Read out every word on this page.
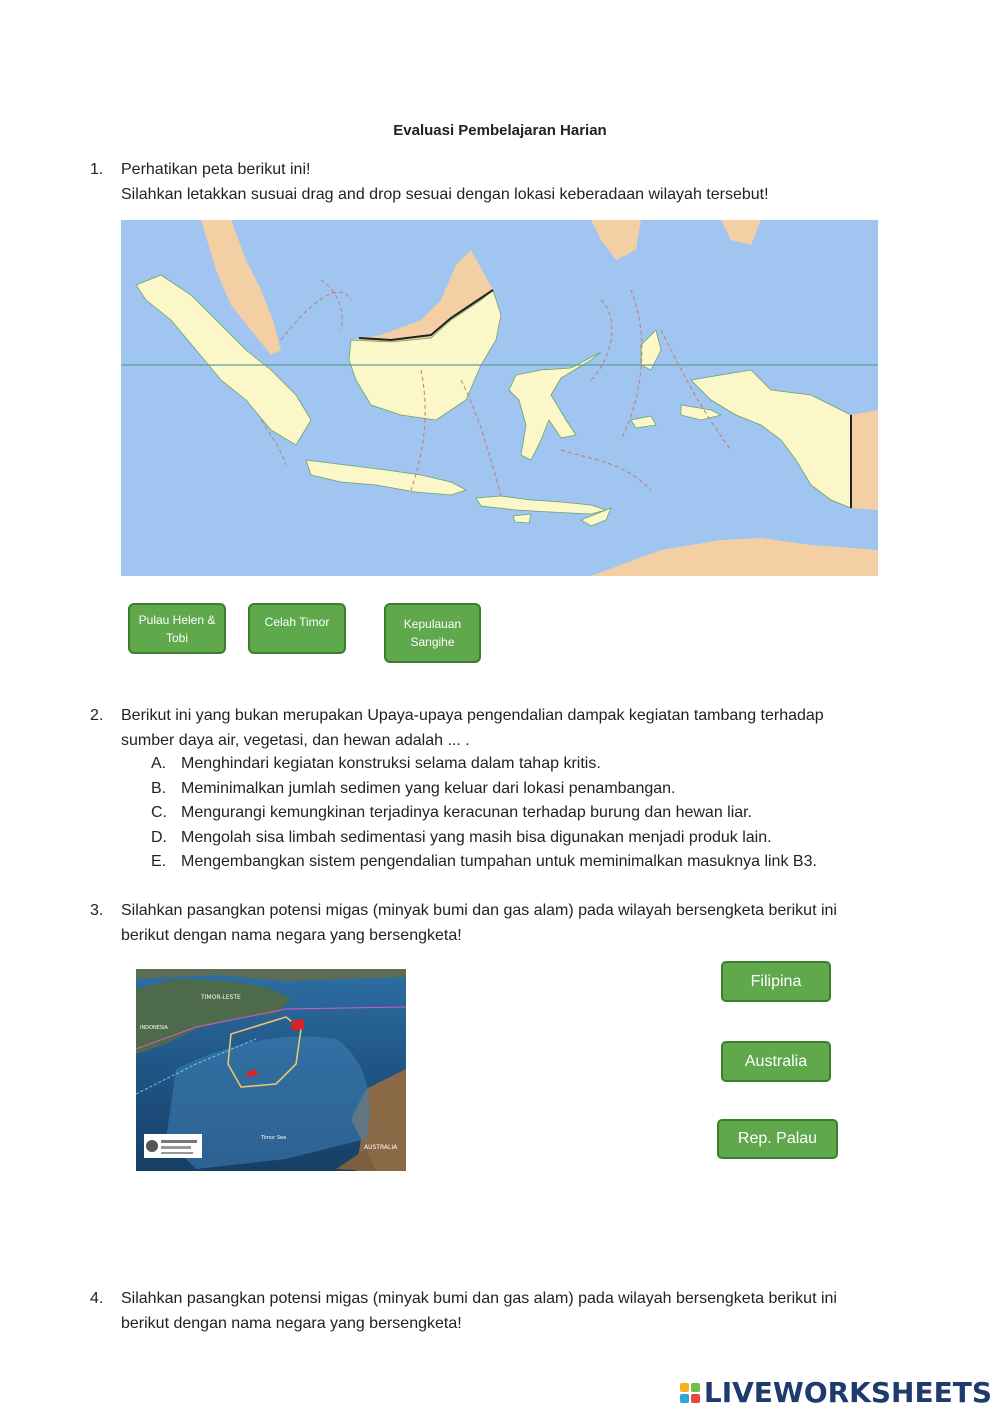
Evaluasi Pembelajaran Harian
1. Perhatikan peta berikut ini!
Silahkan letakkan susuai drag and drop sesuai dengan lokasi keberadaan wilayah tersebut!
Pulau Helen & Tobi
Celah Timor	Kepulauan Sangihe
2. Berikut ini yang bukan merupakan Upaya-upaya pengendalian dampak kegiatan tambang terhadap
sumber daya air, vegetasi, dan hewan adalah ... .
A. Menghindari kegiatan konstruksi selama dalam tahap kritis.
B. Meminimalkan jumlah sedimen yang keluar dari lokasi penambangan.
C. Mengurangi kemungkinan terjadinya keracunan terhadap burung dan hewan liar.
D. Mengolah sisa limbah sedimentasi yang masih bisa digunakan menjadi produk lain.
E. Mengembangkan sistem pengendalian tumpahan untuk meminimalkan masuknya link B3.
3. Silahkan pasangkan potensi migas (minyak bumi dan gas alam) pada wilayah bersengketa berikut ini
berikut dengan nama negara yang bersengketa!
TIMOR-LESTE
INDONESIA
AUSTRALIA
Timor Sea
Filipina
Australia
Rep. Palau
4. Silahkan pasangkan potensi migas (minyak bumi dan gas alam) pada wilayah bersengketa berikut ini
berikut dengan nama negara yang bersengketa!
LIVEWORKSHEETS
